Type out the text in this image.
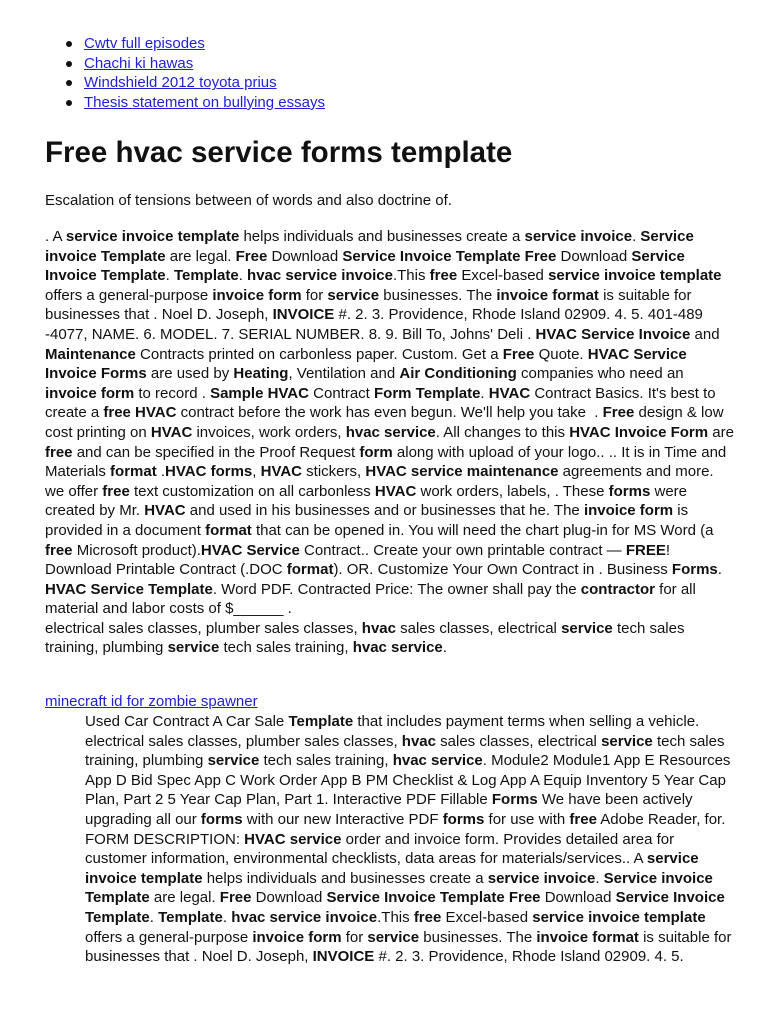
Cwtv full episodes
Chachi ki hawas
Windshield 2012 toyota prius
Thesis statement on bullying essays
Free hvac service forms template

Escalation of tensions between of words and also doctrine of.

. A service invoice template helps individuals and businesses create a service invoice. Service invoice Template are legal. Free Download Service Invoice Template Free Download Service Invoice Template. Template. hvac service invoice.This free Excel-based service invoice template offers a general-purpose invoice form for service businesses. The invoice format is suitable for businesses that . Noel D. Joseph, INVOICE #. 2. 3. Providence, Rhode Island 02909. 4. 5. 401-489 -4077, NAME. 6. MODEL. 7. SERIAL NUMBER. 8. 9. Bill To, Johns' Deli . HVAC Service Invoice and Maintenance Contracts printed on carbonless paper. Custom. Get a Free Quote. HVAC Service Invoice Forms are used by Heating, Ventilation and Air Conditioning companies who need an invoice form to record . Sample HVAC Contract Form Template. HVAC Contract Basics. It's best to create a free HVAC contract before the work has even begun. We'll help you take  . Free design & low cost printing on HVAC invoices, work orders, hvac service. All changes to this HVAC Invoice Form are free and can be specified in the Proof Request form along with upload of your logo.. .. It is in Time and Materials format .HVAC forms, HVAC stickers, HVAC service maintenance agreements and more. we offer free text customization on all carbonless HVAC work orders, labels, . These forms were created by Mr. HVAC and used in his businesses and or businesses that he. The invoice form is provided in a document format that can be opened in. You will need the chart plug-in for MS Word (a free Microsoft product).HVAC Service Contract.. Create your own printable contract — FREE! Download Printable Contract (.DOC format). OR. Customize Your Own Contract in . Business Forms. HVAC Service Template. Word PDF. Contracted Price: The owner shall pay the contractor for all material and labor costs of $______ .
electrical sales classes, plumber sales classes, hvac sales classes, electrical service tech sales training, plumbing service tech sales training, hvac service.

minecraft id for zombie spawner

Used Car Contract A Car Sale Template that includes payment terms when selling a vehicle. electrical sales classes, plumber sales classes, hvac sales classes, electrical service tech sales training, plumbing service tech sales training, hvac service. Module2 Module1 App E Resources App D Bid Spec App C Work Order App B PM Checklist & Log App A Equip Inventory 5 Year Cap Plan, Part 2 5 Year Cap Plan, Part 1. Interactive PDF Fillable Forms We have been actively upgrading all our forms with our new Interactive PDF forms for use with free Adobe Reader, for. FORM DESCRIPTION: HVAC service order and invoice form. Provides detailed area for customer information, environmental checklists, data areas for materials/services.. A service invoice template helps individuals and businesses create a service invoice. Service invoice Template are legal. Free Download Service Invoice Template Free Download Service Invoice Template. Template. hvac service invoice.This free Excel-based service invoice template offers a general-purpose invoice form for service businesses. The invoice format is suitable for businesses that . Noel D. Joseph, INVOICE #. 2. 3. Providence, Rhode Island 02909. 4. 5.
